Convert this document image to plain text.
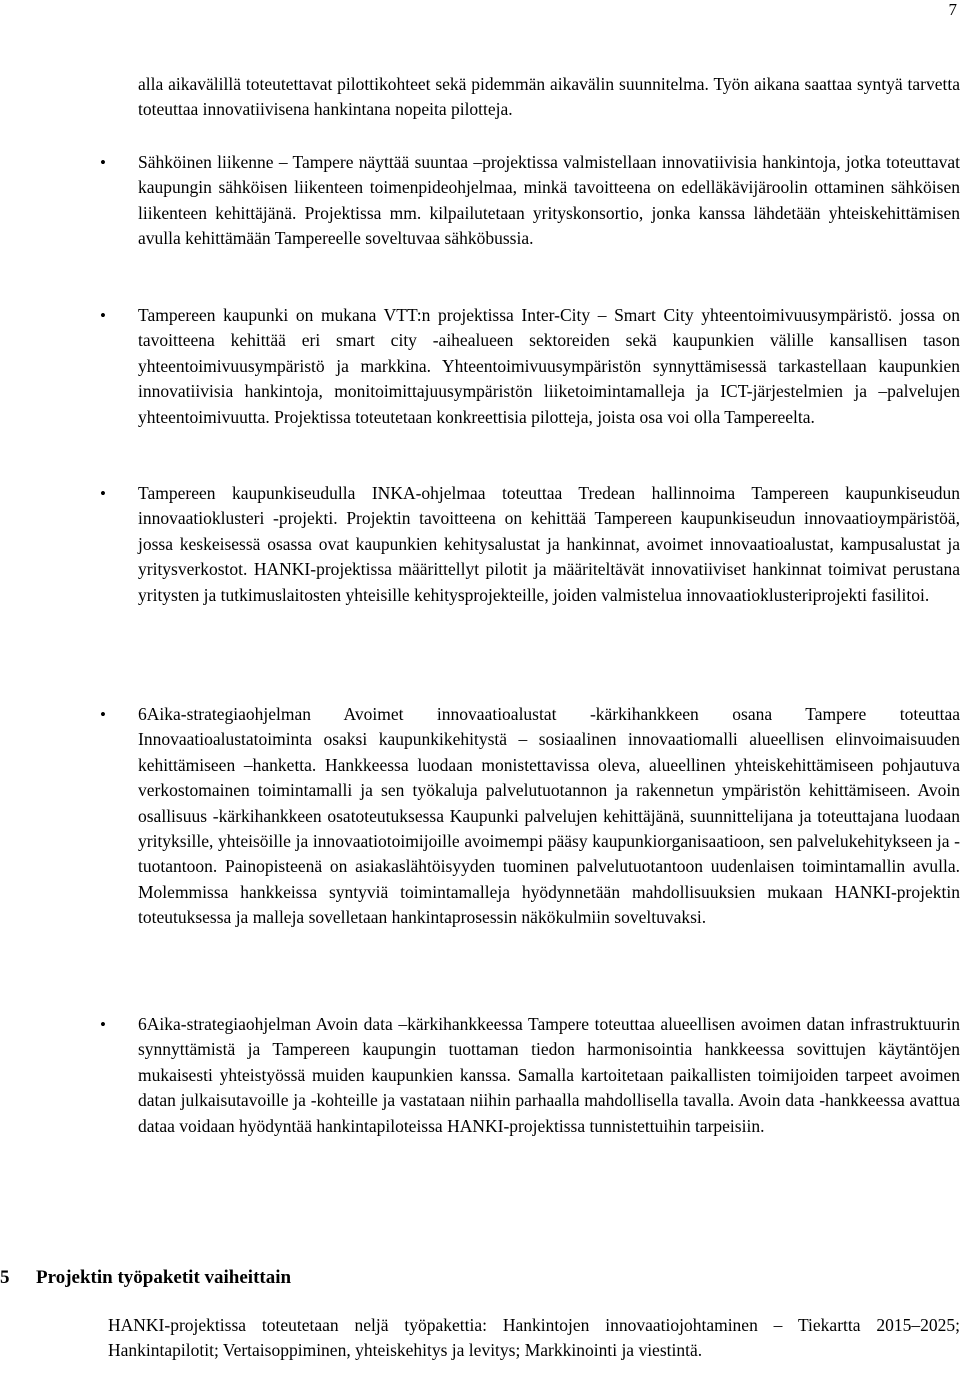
7

alla aikavälillä toteutettavat pilottikohteet sekä pidemmän aikavälin suunnitelma. Työn aikana saattaa syntyä tarvetta toteuttaa innovatiivisena hankintana nopeita pilotteja.

• Sähköinen liikenne – Tampere näyttää suuntaa –projektissa valmistellaan innovatiivisia hankintoja, jotka toteuttavat kaupungin sähköisen liikenteen toimenpideohjelmaa, minkä tavoitteena on edelläkävijäroolin ottaminen sähköisen liikenteen kehittäjänä. Projektissa mm. kilpailutetaan yrityskonsortio, jonka kanssa lähdetään yhteiskehittämisen avulla kehittämään Tampereelle soveltuvaa sähköbussia.
• Tampereen kaupunki on mukana VTT:n projektissa Inter-City – Smart City yhteentoimivuusympäristö. jossa on tavoitteena kehittää eri smart city -aihealueen sektoreiden sekä kaupunkien välille kansallisen tason yhteentoimivuusympäristö ja markkina. Yhteentoimivuusympäristön synnyttämisessä tarkastellaan kaupunkien innovatiivisia hankintoja, monitoimittajuusympäristön liiketoimintamalleja ja ICT-järjestelmien ja –palvelujen yhteentoimivuutta. Projektissa toteutetaan konkreettisia pilotteja, joista osa voi olla Tampereelta.
• Tampereen kaupunkiseudulla INKA-ohjelmaa toteuttaa Tredean hallinnoima Tampereen kaupunkiseudun innovaatioklusteri -projekti. Projektin tavoitteena on kehittää Tampereen kaupunkiseudun innovaatioympäristöä, jossa keskeisessä osassa ovat kaupunkien kehitysalustat ja hankinnat, avoimet innovaatioalustat, kampusalustat ja yritysverkostot. HANKI-projektissa määrittellyt pilotit ja määriteltävät innovatiiviset hankinnat toimivat perustana yritysten ja tutkimuslaitosten yhteisille kehitysprojekteille, joiden valmistelua innovaatioklusteriprojekti fasilitoi.
• 6Aika-strategiaohjelman Avoimet innovaatioalustat -kärkihankkeen osana Tampere toteuttaa Innovaatioalustatoiminta osaksi kaupunkikehitystä – sosiaalinen innovaatiomalli alueellisen elinvoimaisuuden kehittämiseen –hanketta. Hankkeessa luodaan monistettavissa oleva, alueellinen yhteiskehittämiseen pohjautuva verkostomainen toimintamalli ja sen työkaluja palvelutuotannon ja rakennetun ympäristön kehittämiseen. Avoin osallisuus -kärkihankkeen osatoteutuksessa Kaupunki palvelujen kehittäjänä, suunnittelijana ja toteuttajana luodaan yrityksille, yhteisöille ja innovaatiotoimijoille avoimempi pääsy kaupunkiorganisaatioon, sen palvelukehitykseen ja -tuotantoon. Painopisteenä on asiakaslähtöisyyden tuominen palvelutuotantoon uudenlaisen toimintamallin avulla. Molemmissa hankkeissa syntyviä toimintamalleja hyödynnetään mahdollisuuksien mukaan HANKI-projektin toteutuksessa ja malleja sovelletaan hankintaprosessin näkökulmiin soveltuvaksi.
• 6Aika-strategiaohjelman Avoin data –kärkihankkeessa Tampere toteuttaa alueellisen avoimen datan infrastruktuurin synnyttämistä ja Tampereen kaupungin tuottaman tiedon harmonisointia hankkeessa sovittujen käytäntöjen mukaisesti yhteistyössä muiden kaupunkien kanssa. Samalla kartoitetaan paikallisten toimijoiden tarpeet avoimen datan julkaisutavoille ja -kohteille ja vastataan niihin parhaalla mahdollisella tavalla. Avoin data -hankkeessa avattua dataa voidaan hyödyntää hankintapiloteissa HANKI-projektissa tunnistettuihin tarpeisiin.
5 Projektin työpaketit vaiheittain

HANKI-projektissa toteutetaan neljä työpakettia: Hankintojen innovaatiojohtaminen – Tiekartta 2015–2025; Hankintapilotit; Vertaisoppiminen, yhteiskehitys ja levitys; Markkinointi ja viestintä.
